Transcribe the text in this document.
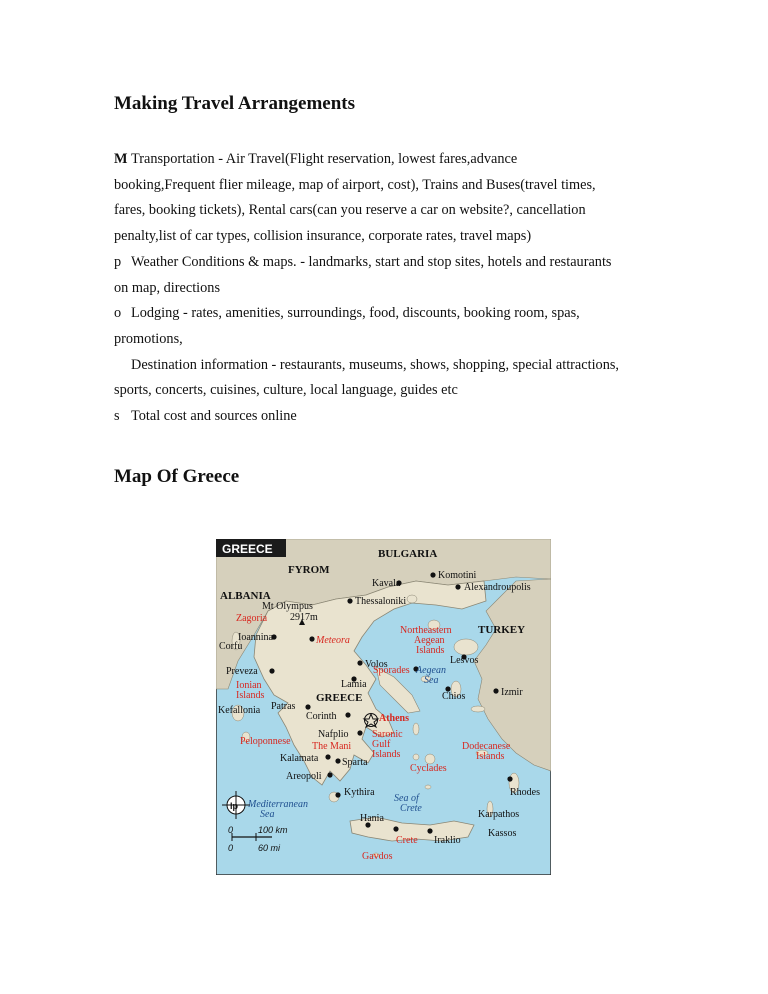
Making Travel Arrangements
M Transportation - Air Travel(Flight reservation, lowest fares,advance
booking,Frequent flier mileage, map of airport, cost), Trains and Buses(travel times,
fares, booking tickets), Rental cars(can you reserve a car on website?, cancellation
penalty,list of car types, collision insurance, corporate rates, travel maps)
p Weather Conditions & maps. - landmarks, start and stop sites, hotels and restaurants
on map, directions
o Lodging - rates, amenities, surroundings, food, discounts, booking room, spas,
promotions,
Destination information - restaurants, museums, shows, shopping, special attractions,
sports, concerts, cuisines, culture, local language, guides etc
s Total cost and sources online
Map Of Greece
GREECE	BULGARIA
FYROM
ALBANIA
TURKEY
GREECE
Kavala
Komotini
Alexandroupolis
Thessaloniki
Mt Olympus
2917m
Ioannina
Corfu
Volos	Lesvos
Preveza
Lamia
Chios	Izmir
Kefallonia Patras
Corinth	Athens
Nafplio
Kalamata Sparta
Areopoli
Kythira	Rhodes
Karpathos
Kassos
Hania
Iraklio
Zagoria
Meteora
Northeastern
Aegean
Islands
Sporades
Ionian
Islands
Peloponnese The Mani
Saronic
Gulf
Islands
Dodecanese
Islands
Cyclades
Crete
Gavdos
Aegean
Sea
Mediterranean
Sea
Sea of
Crete
lp
0	100 km
0	60 mi
